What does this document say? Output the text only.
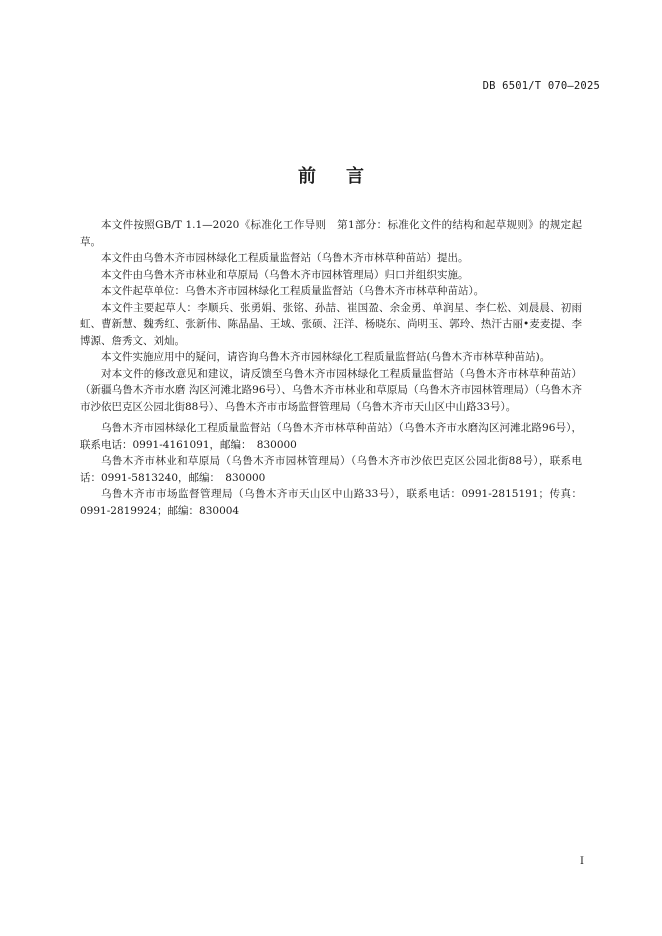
DB 6501/T 070—2025
前言

本文件按照GB/T 1.1—2020《标准化工作导则　第1部分：标准化文件的结构和起草规则》的规定起草。

本文件由乌鲁木齐市园林绿化工程质量监督站（乌鲁木齐市林草种苗站）提出。

本文件由乌鲁木齐市林业和草原局（乌鲁木齐市园林管理局）归口并组织实施。

本文件起草单位：乌鲁木齐市园林绿化工程质量监督站（乌鲁木齐市林草种苗站）。

本文件主要起草人：李顺兵、张勇娟、张铭、孙喆、崔国盈、余金勇、单润星、李仁松、刘晨晨、初雨虹、曹新慧、魏秀红、张新伟、陈晶晶、王域、张硕、汪洋、杨晓东、尚明玉、郭玲、热汗古丽•麦麦提、李博源、詹秀文、刘灿。

本文件实施应用中的疑问，请咨询乌鲁木齐市园林绿化工程质量监督站(乌鲁木齐市林草种苗站)。

对本文件的修改意见和建议，请反馈至乌鲁木齐市园林绿化工程质量监督站（乌鲁木齐市林草种苗站）（新疆乌鲁木齐市水磨 沟区河滩北路96号）、乌鲁木齐市林业和草原局（乌鲁木齐市园林管理局）（乌鲁木齐市沙依巴克区公园北街88号）、乌鲁木齐市市场监督管理局（乌鲁木齐市天山区中山路33号）。

乌鲁木齐市园林绿化工程质量监督站（乌鲁木齐市林草种苗站）（乌鲁木齐市水磨沟区河滩北路96号），联系电话：0991-4161091，邮编：　830000

乌鲁木齐市林业和草原局（乌鲁木齐市园林管理局）（乌鲁木齐市沙依巴克区公园北街88号），联系电话：0991-5813240，邮编：　830000

乌鲁木齐市市场监督管理局（乌鲁木齐市天山区中山路33号），联系电话：0991-2815191；传真：0991-2819924；邮编：830004

I
